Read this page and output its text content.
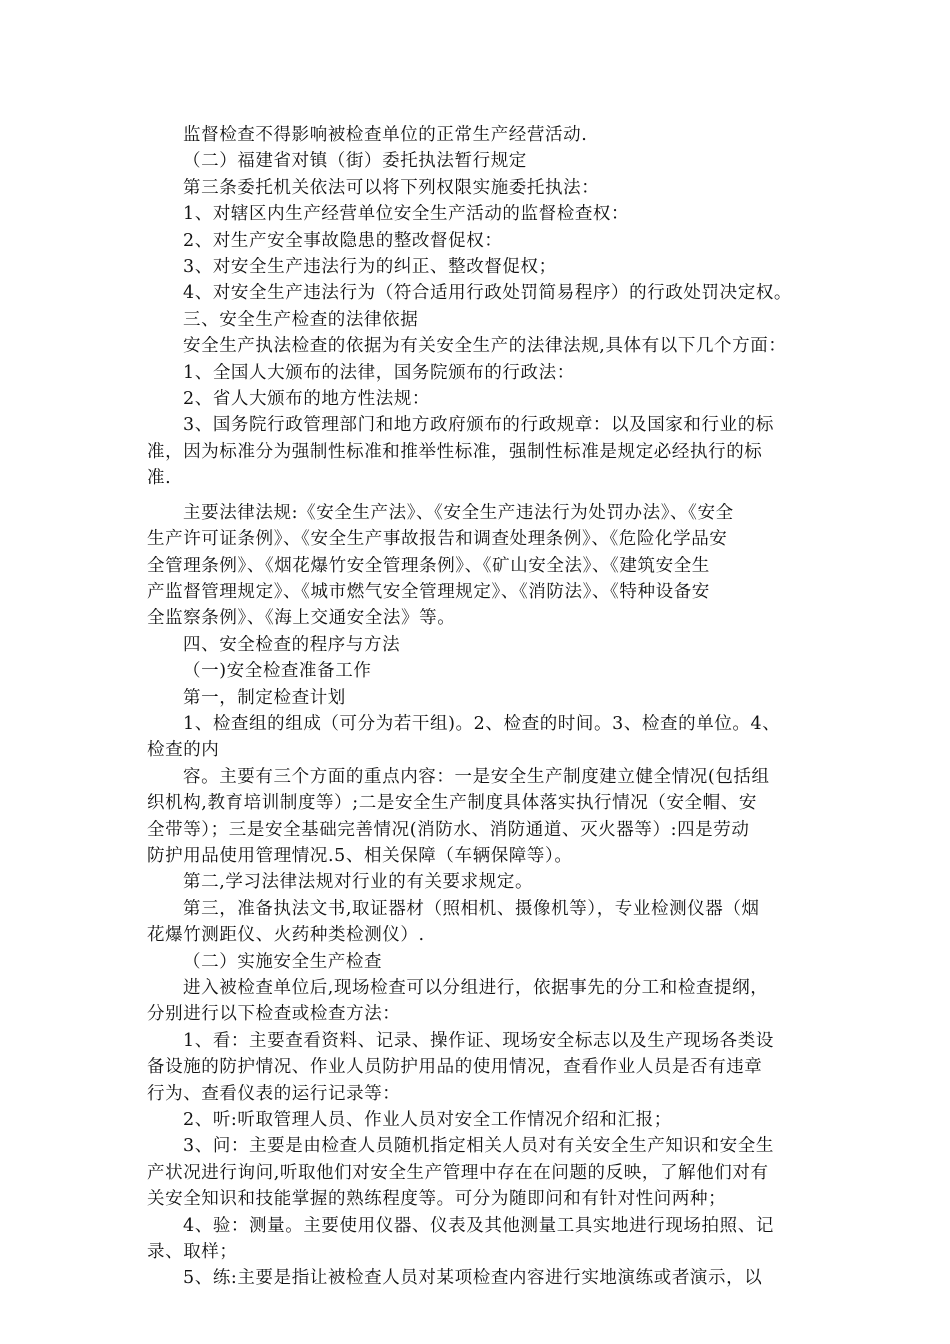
监督检查不得影响被检查单位的正常生产经营活动.

（二）福建省对镇（街）委托执法暂行规定

第三条委托机关依法可以将下列权限实施委托执法：

1、对辖区内生产经营单位安全生产活动的监督检查权：

2、对生产安全事故隐患的整改督促权：

3、对安全生产违法行为的纠正、整改督促权；

4、对安全生产违法行为（符合适用行政处罚简易程序）的行政处罚决定权。

三、安全生产检查的法律依据

安全生产执法检查的依据为有关安全生产的法律法规,具体有以下几个方面：

1、全国人大颁布的法律，国务院颁布的行政法：

2、省人大颁布的地方性法规：

3、国务院行政管理部门和地方政府颁布的行政规章：以及国家和行业的标
准，因为标准分为强制性标准和推举性标准，强制性标准是规定必经执行的标
准.

主要法律法规:《安全生产法》、《安全生产违法行为处罚办法》、《安全
生产许可证条例》、《安全生产事故报告和调查处理条例》、《危险化学品安
全管理条例》、《烟花爆竹安全管理条例》、《矿山安全法》、《建筑安全生
产监督管理规定》、《城市燃气安全管理规定》、《消防法》、《特种设备安
全监察条例》、《海上交通安全法》等。

四、安全检查的程序与方法

（一)安全检查准备工作

第一，制定检查计划

1、检查组的组成（可分为若干组)。2、检查的时间。3、检查的单位。4、
检查的内

容。主要有三个方面的重点内容：一是安全生产制度建立健全情况(包括组
织机构,教育培训制度等）;二是安全生产制度具体落实执行情况（安全帽、安
全带等）；三是安全基础完善情况(消防水、消防通道、灭火器等）:四是劳动
防护用品使用管理情况.5、相关保障（车辆保障等）。

第二,学习法律法规对行业的有关要求规定。

第三，准备执法文书,取证器材（照相机、摄像机等），专业检测仪器（烟
花爆竹测距仪、火药种类检测仪）.

（二）实施安全生产检查

进入被检查单位后,现场检查可以分组进行，依据事先的分工和检查提纲，
分别进行以下检查或检查方法：

1、看：主要查看资料、记录、操作证、现场安全标志以及生产现场各类设
备设施的防护情况、作业人员防护用品的使用情况，查看作业人员是否有违章
行为、查看仪表的运行记录等：

2、听:听取管理人员、作业人员对安全工作情况介绍和汇报；

3、问：主要是由检查人员随机指定相关人员对有关安全生产知识和安全生
产状况进行询问,听取他们对安全生产管理中存在在问题的反映，了解他们对有
关安全知识和技能掌握的熟练程度等。可分为随即问和有针对性问两种；

4、验：测量。主要使用仪器、仪表及其他测量工具实地进行现场拍照、记
录、取样；

5、练:主要是指让被检查人员对某项检查内容进行实地演练或者演示，以
